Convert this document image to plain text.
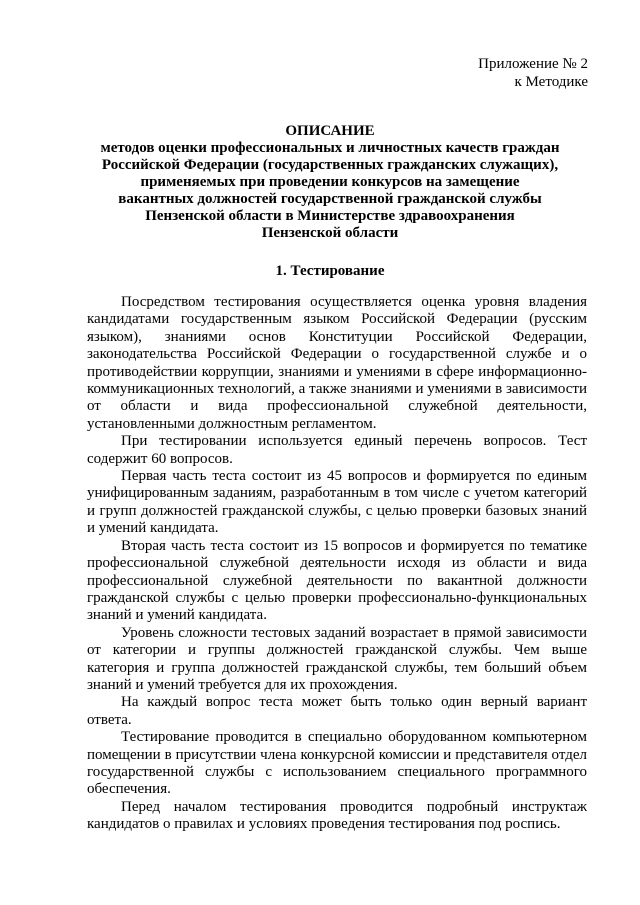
Приложение № 2
к Методике
ОПИСАНИЕ
методов оценки профессиональных и личностных качеств граждан
Российской Федерации (государственных гражданских служащих),
применяемых при проведении конкурсов на замещение
вакантных должностей государственной гражданской службы
Пензенской области в Министерстве здравоохранения
Пензенской области
1. Тестирование

Посредством тестирования осуществляется оценка уровня владения кандидатами государственным языком Российской Федерации (русским языком), знаниями основ Конституции Российской Федерации, законодательства Российской Федерации о государственной службе и о противодействии коррупции, знаниями и умениями в сфере информационно-коммуникационных технологий, а также знаниями и умениями в зависимости от области и вида профессиональной служебной деятельности, установленными должностным регламентом.

При тестировании используется единый перечень вопросов. Тест содержит 60 вопросов.

Первая часть теста состоит из 45 вопросов и формируется по единым унифицированным заданиям, разработанным в том числе с учетом категорий и групп должностей гражданской службы, с целью проверки базовых знаний и умений кандидата.

Вторая часть теста состоит из 15 вопросов и формируется по тематике профессиональной служебной деятельности исходя из области и вида профессиональной служебной деятельности по вакантной должности гражданской службы с целью проверки профессионально-функциональных знаний и умений кандидата.

Уровень сложности тестовых заданий возрастает в прямой зависимости от категории и группы должностей гражданской службы. Чем выше категория и группа должностей гражданской службы, тем больший объем знаний и умений требуется для их прохождения.

На каждый вопрос теста может быть только один верный вариант ответа.

Тестирование проводится в специально оборудованном компьютерном помещении в присутствии члена конкурсной комиссии и представителя отдел государственной службы с использованием специального программного обеспечения.

Перед началом тестирования проводится подробный инструктаж кандидатов о правилах и условиях проведения тестирования под роспись.
